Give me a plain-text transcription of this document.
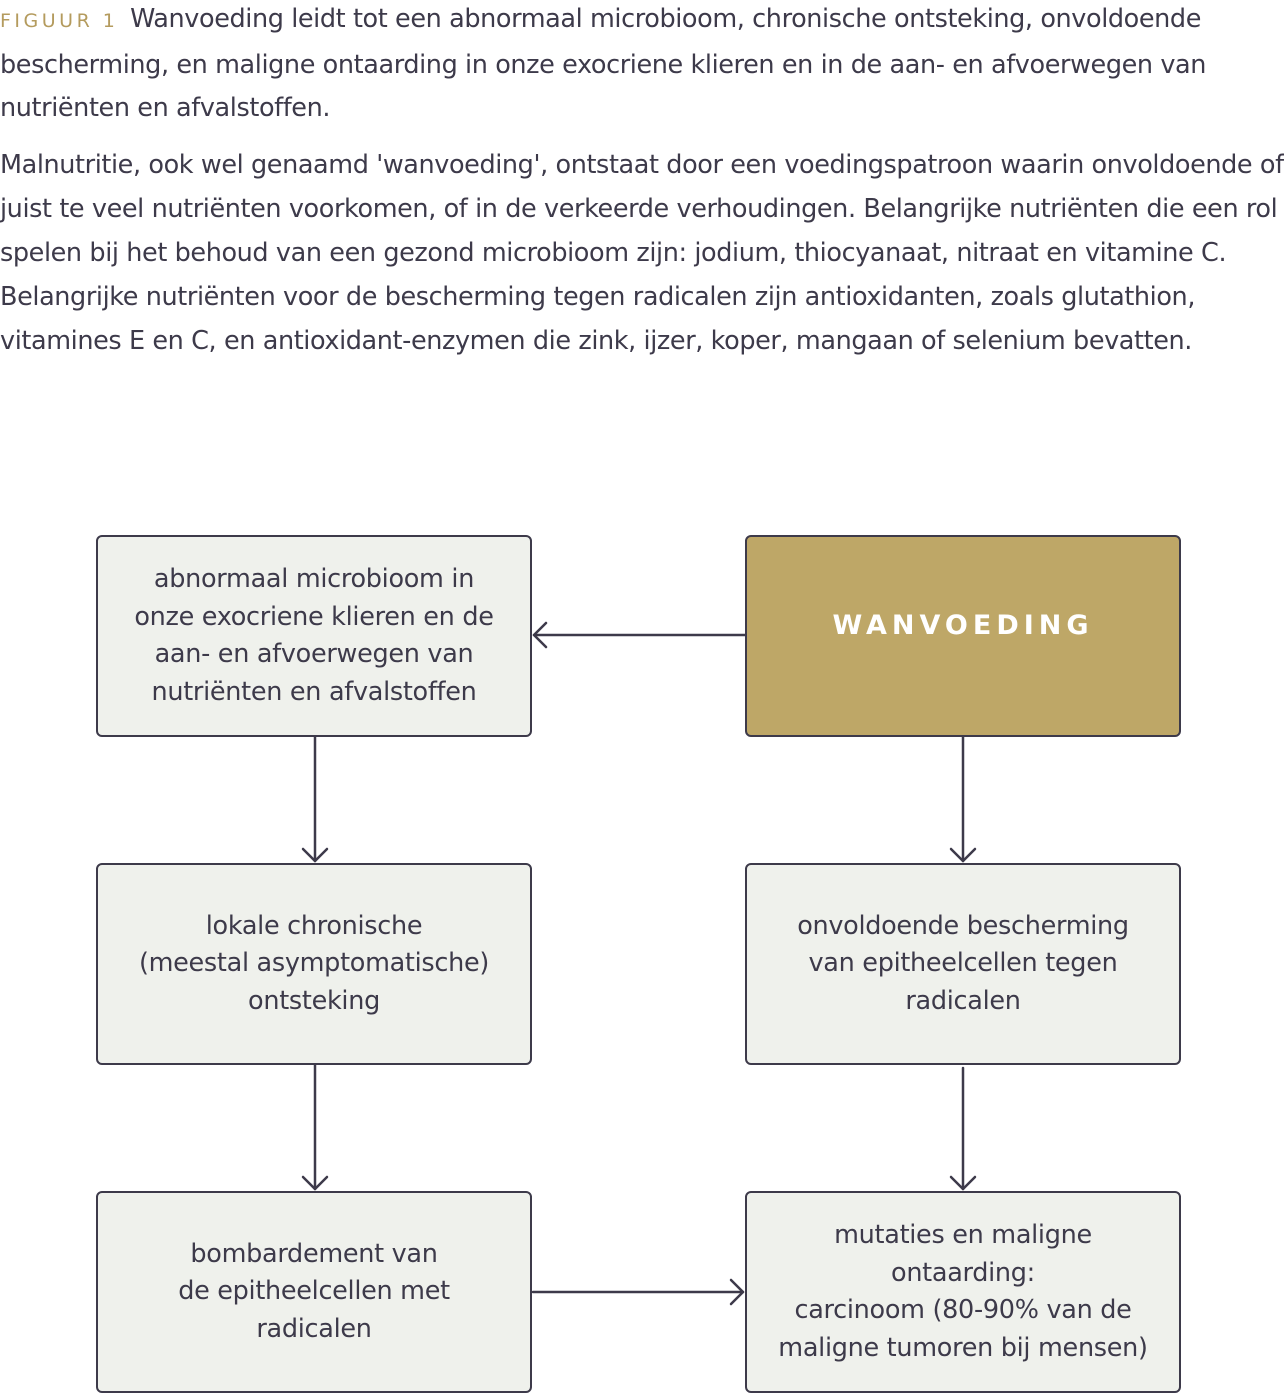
FIGUUR 1 Wanvoeding leidt tot een abnormaal microbioom, chronische ontsteking, onvoldoende bescherming, en maligne ontaarding in onze exocriene klieren en in de aan- en afvoerwegen van nutriënten en afvalstoffen.

Malnutritie, ook wel genaamd 'wanvoeding', ontstaat door een voedingspatroon waarin onvoldoende of juist te veel nutriënten voorkomen, of in de verkeerde verhoudingen. Belangrijke nutriënten die een rol spelen bij het behoud van een gezond microbioom zijn: jodium, thiocyanaat, nitraat en vitamine C. Belangrijke nutriënten voor de bescherming tegen radicalen zijn antioxidanten, zoals glutathion, vitamines E en C, en antioxidant-enzymen die zink, ijzer, koper, mangaan of selenium bevatten.

abnormaal microbioom in
onze exocriene klieren en de
aan- en afvoerwegen van
nutriënten en afvalstoffen
WANVOEDING
lokale chronische
(meestal asymptomatische)
ontsteking
onvoldoende bescherming
van epitheelcellen tegen
radicalen
bombardement van
de epitheelcellen met
radicalen
mutaties en maligne
ontaarding:
carcinoom (80-90% van de
maligne tumoren bij mensen)
